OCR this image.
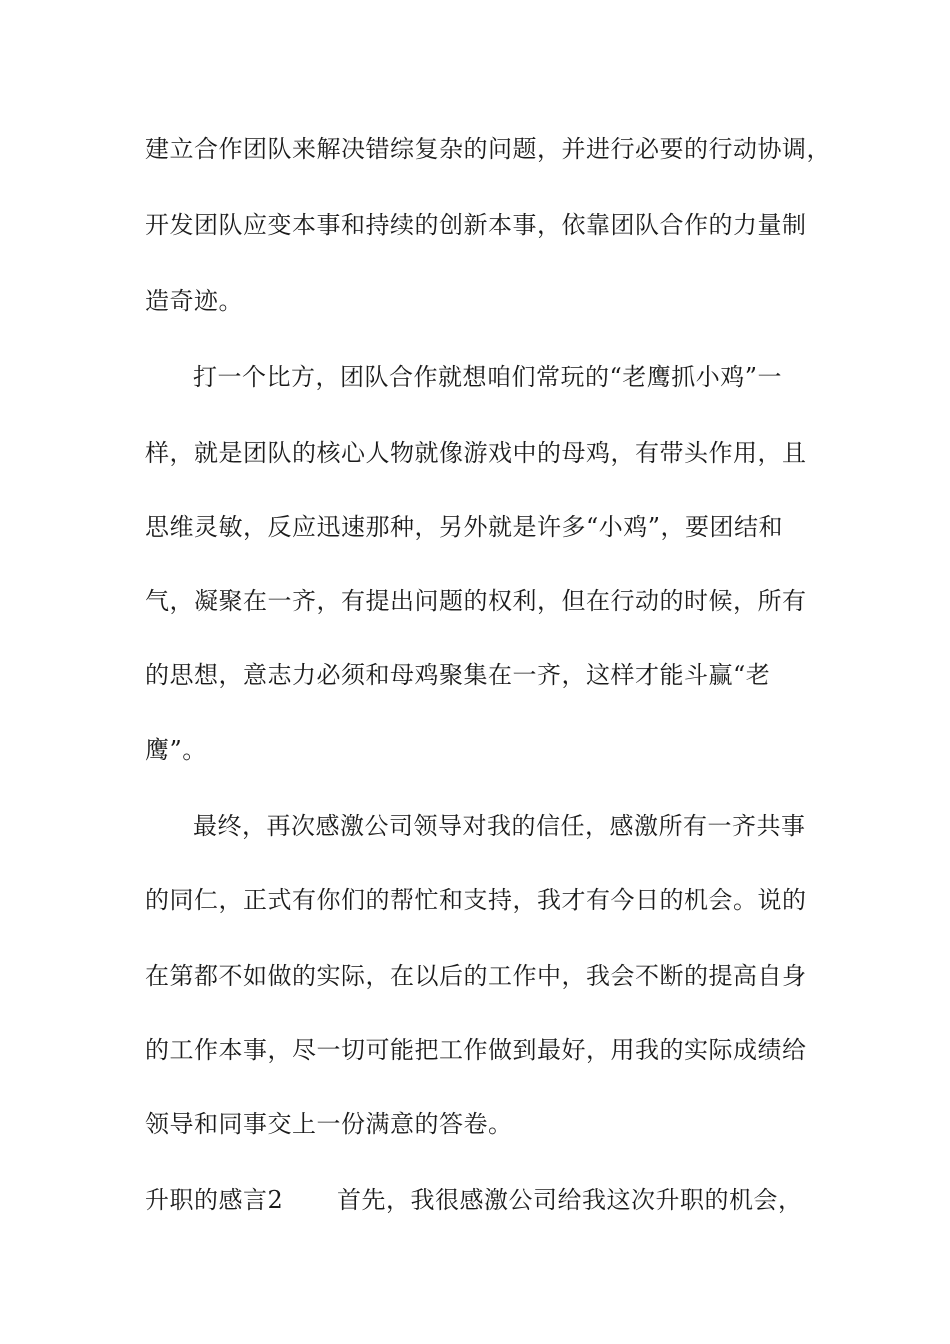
建立合作团队来解决错综复杂的问题，并进行必要的行动协调，
开发团队应变本事和持续的创新本事，依靠团队合作的力量制
造奇迹。
打一个比方，团队合作就想咱们常玩的“老鹰抓小鸡”一
样，就是团队的核心人物就像游戏中的母鸡，有带头作用，且
思维灵敏，反应迅速那种，另外就是许多“小鸡”，要团结和
气，凝聚在一齐，有提出问题的权利，但在行动的时候，所有
的思想，意志力必须和母鸡聚集在一齐，这样才能斗赢“老
鹰”。
最终，再次感激公司领导对我的信任，感激所有一齐共事
的同仁，正式有你们的帮忙和支持，我才有今日的机会。说的
在第都不如做的实际，在以后的工作中，我会不断的提高自身
的工作本事，尽一切可能把工作做到最好，用我的实际成绩给
领导和同事交上一份满意的答卷。
升职的感言2 首先，我很感激公司给我这次升职的机会，
